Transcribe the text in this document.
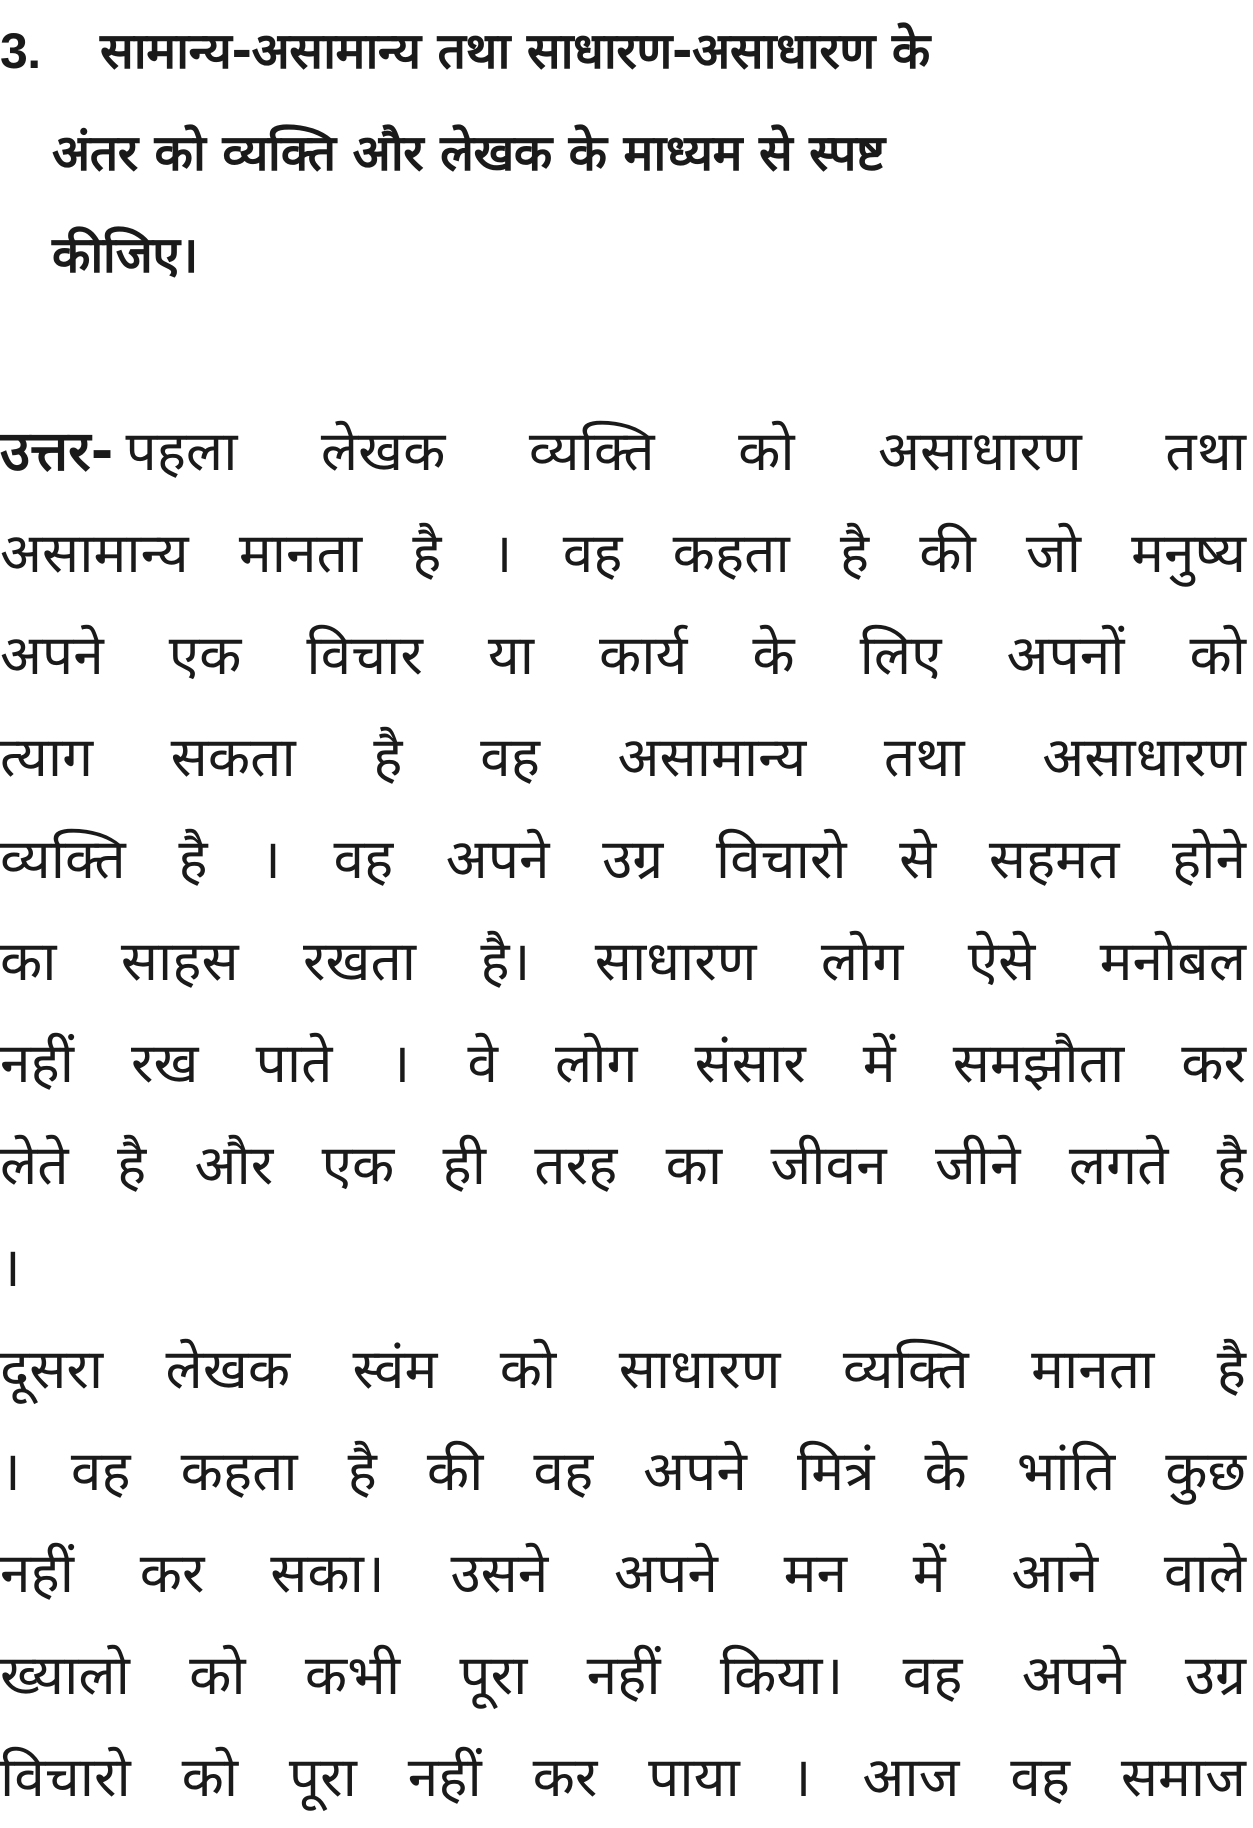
3. सामान्य-असामान्य तथा साधारण-असाधारण के
अंतर को व्यक्ति और लेखक के माध्यम से स्पष्ट
कीजिए।
उत्तर- पहला लेखक व्यक्ति को असाधारण तथा
असामान्य मानता है । वह कहता है की जो मनुष्य
अपने एक विचार या कार्य के लिए अपनों को
त्याग सकता है वह असामान्य तथा असाधारण
व्यक्ति है । वह अपने उग्र विचारो से सहमत होने
का साहस रखता है। साधारण लोग ऐसे मनोबल
नहीं रख पाते । वे लोग संसार में समझौता कर
लेते है और एक ही तरह का जीवन जीने लगते है
।
दूसरा लेखक स्वंम को साधारण व्यक्ति मानता है
। वह कहता है की वह अपने मित्रं के भांति कुछ
नहीं कर सका। उसने अपने मन में आने वाले
ख्यालो को कभी पूरा नहीं किया। वह अपने उग्र
विचारो को पूरा नहीं कर पाया । आज वह समाज
